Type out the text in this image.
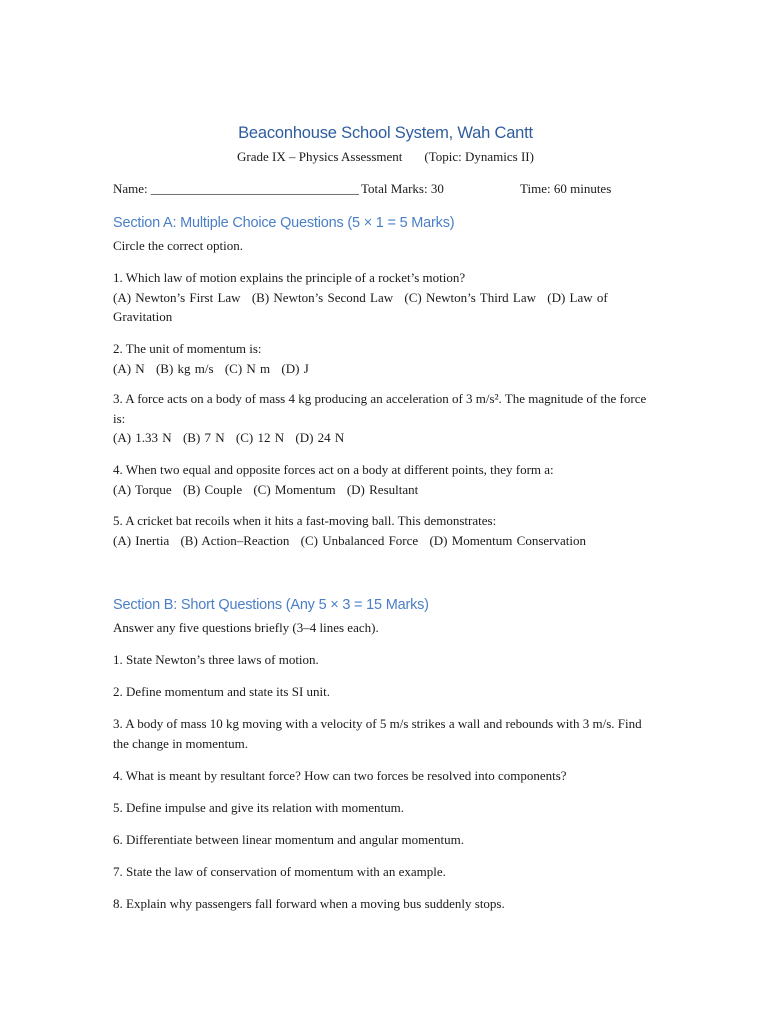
Beaconhouse School System, Wah Cantt
Grade IX – Physics Assessment (Topic: Dynamics II)
Name: ________________________________ Total Marks: 30	Time: 60 minutes
Section A: Multiple Choice Questions (5 × 1 = 5 Marks)
Circle the correct option.
1. Which law of motion explains the principle of a rocket’s motion?
(A) Newton’s First Law (B) Newton’s Second Law (C) Newton’s Third Law (D) Law of Gravitation
2. The unit of momentum is:
(A) N (B) kg m/s (C) N m (D) J
3. A force acts on a body of mass 4 kg producing an acceleration of 3 m/s². The magnitude of the force is:
(A) 1.33 N (B) 7 N (C) 12 N (D) 24 N
4. When two equal and opposite forces act on a body at different points, they form a:
(A) Torque (B) Couple (C) Momentum (D) Resultant
5. A cricket bat recoils when it hits a fast-moving ball. This demonstrates:
(A) Inertia (B) Action–Reaction (C) Unbalanced Force (D) Momentum Conservation
Section B: Short Questions (Any 5 × 3 = 15 Marks)
Answer any five questions briefly (3–4 lines each).
1. State Newton’s three laws of motion.
2. Define momentum and state its SI unit.
3. A body of mass 10 kg moving with a velocity of 5 m/s strikes a wall and rebounds with 3 m/s. Find the change in momentum.
4. What is meant by resultant force? How can two forces be resolved into components?
5. Define impulse and give its relation with momentum.
6. Differentiate between linear momentum and angular momentum.
7. State the law of conservation of momentum with an example.
8. Explain why passengers fall forward when a moving bus suddenly stops.
